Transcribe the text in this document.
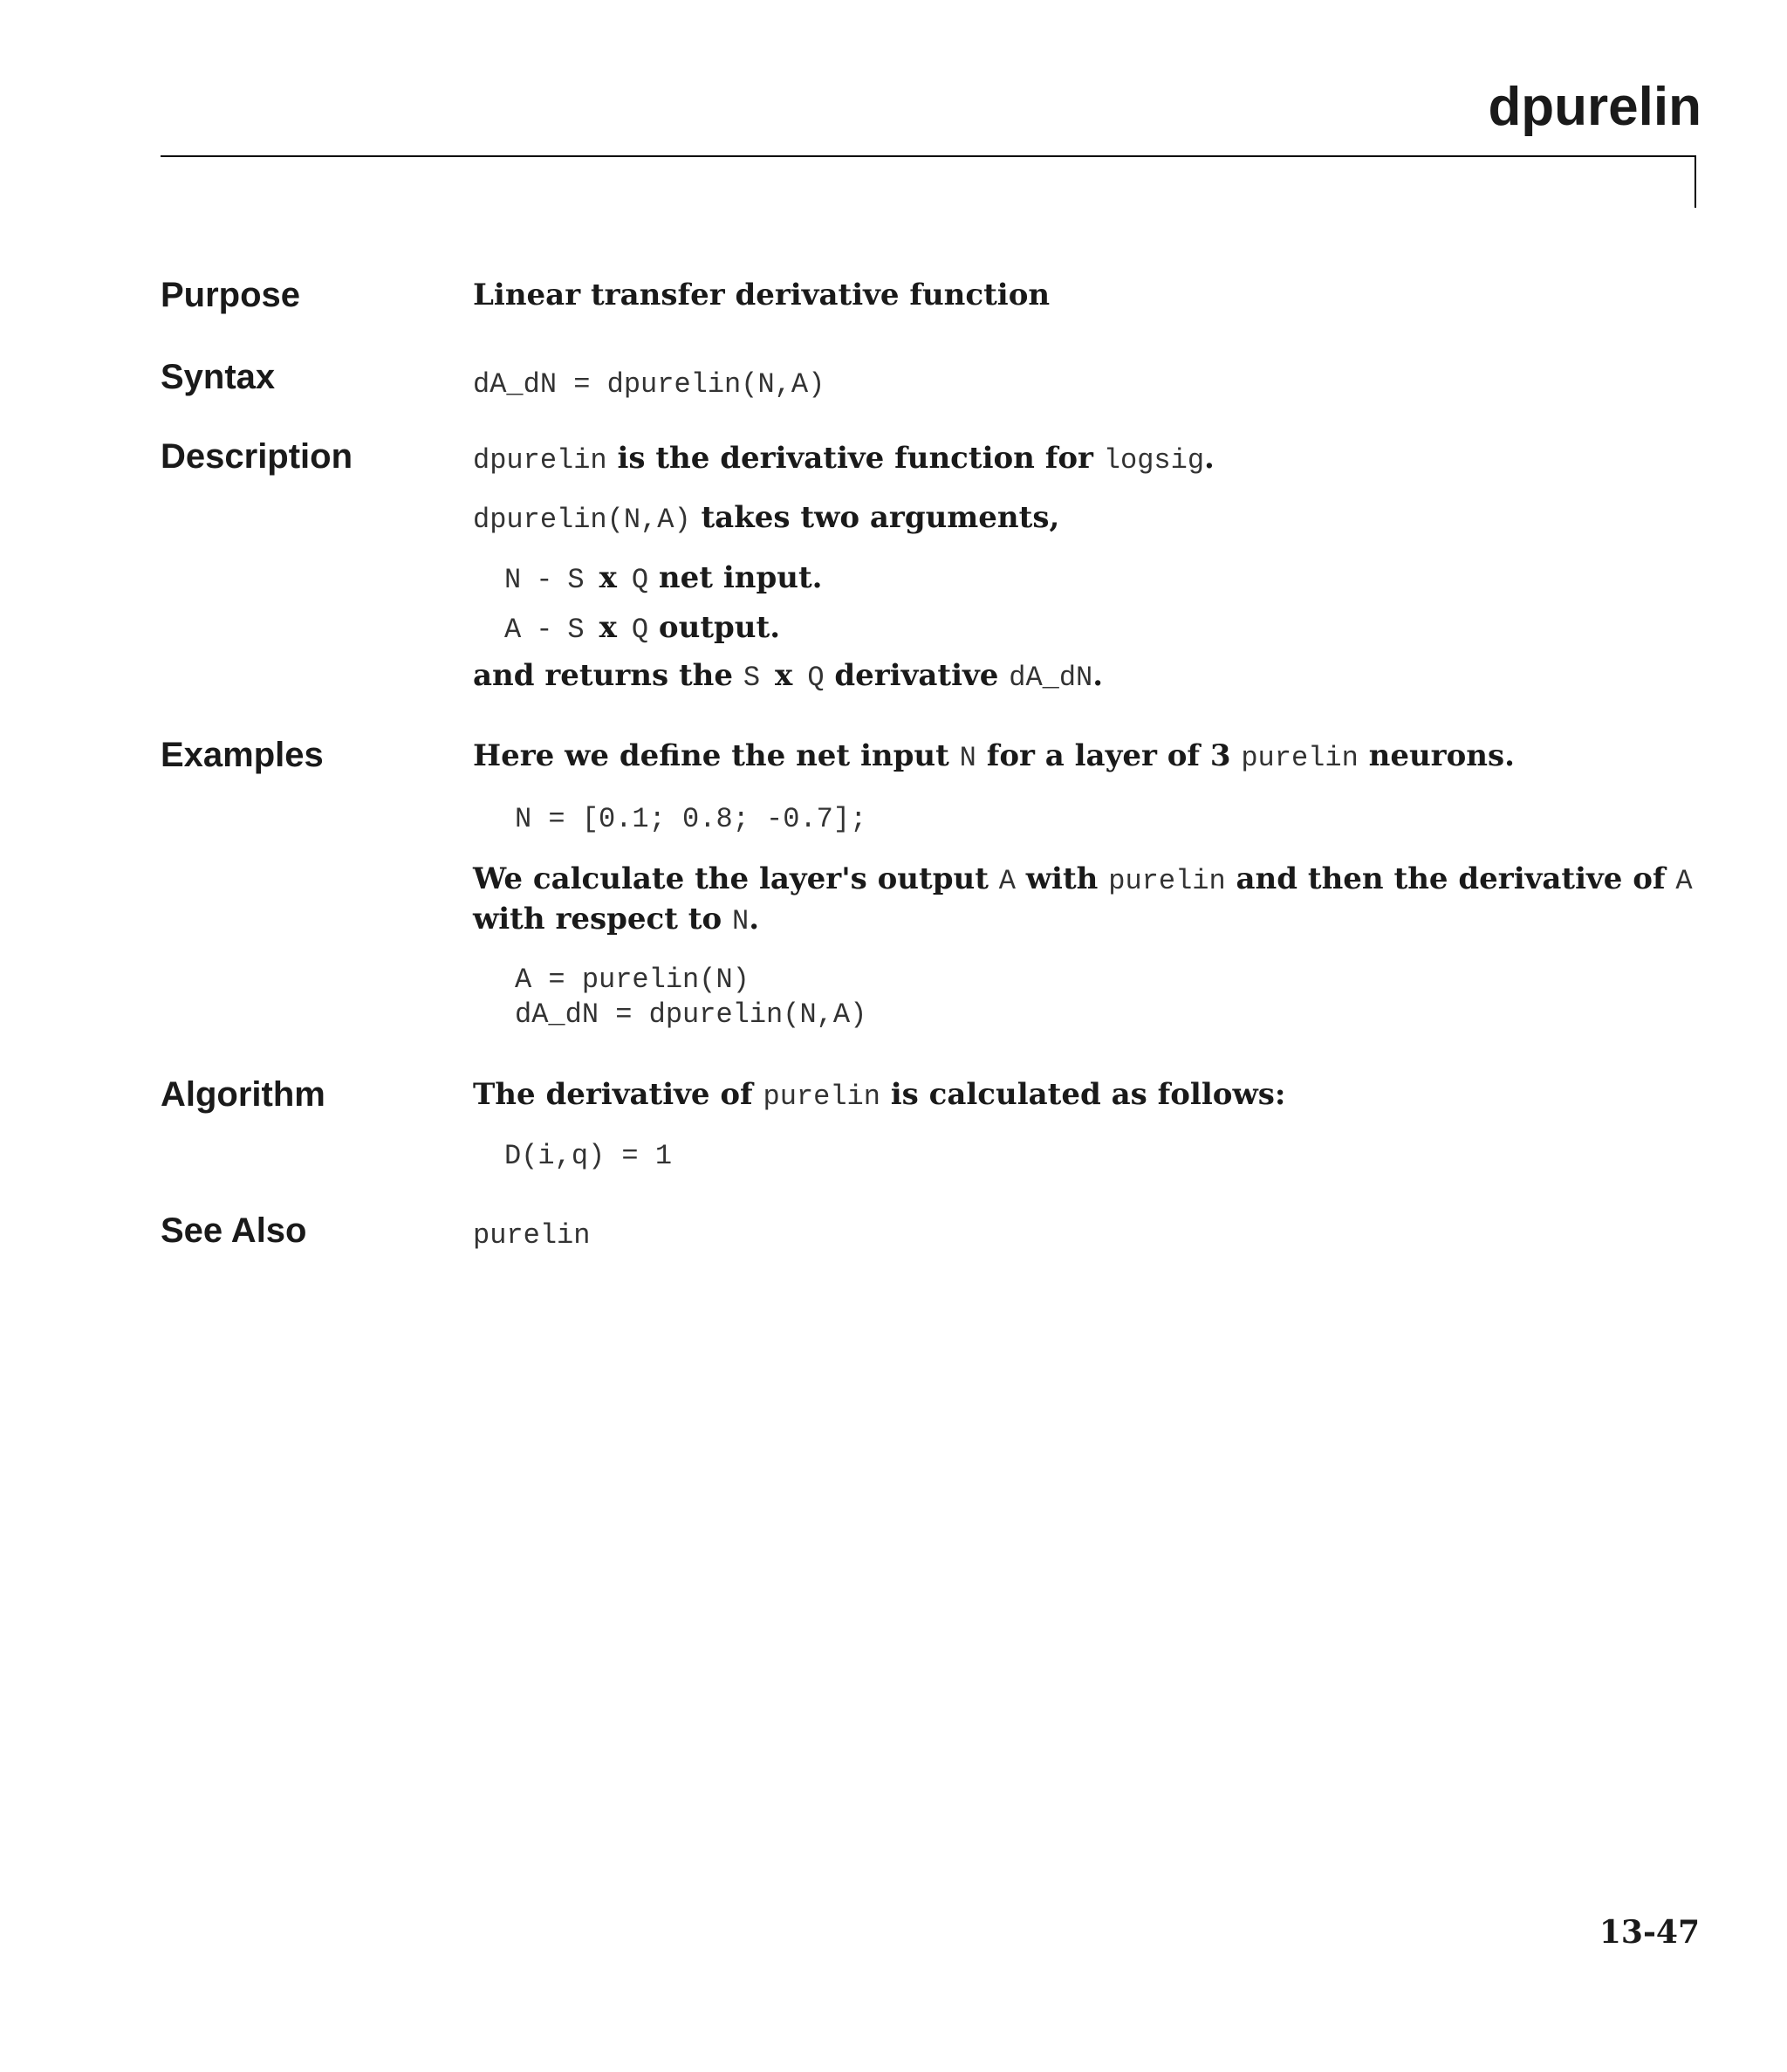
dpurelin
Purpose	Linear transfer derivative function

Syntax	dA_dN = dpurelin(N,A)

Description	dpurelin is the derivative function for logsig.

dpurelin(N,A) takes two arguments,

N - S x Q net input.

A - S x Q output.

and returns the S x Q derivative dA_dN.

Examples	Here we define the net input N for a layer of 3 purelin neurons.

N = [0.1; 0.8; -0.7];

We calculate the layer's output A with purelin and then the derivative of A

with respect to N.

A = purelin(N)
dA_dN = dpurelin(N,A)
Algorithm	The derivative of purelin is calculated as follows:

D(i,q) = 1
See Also	purelin

13-47
